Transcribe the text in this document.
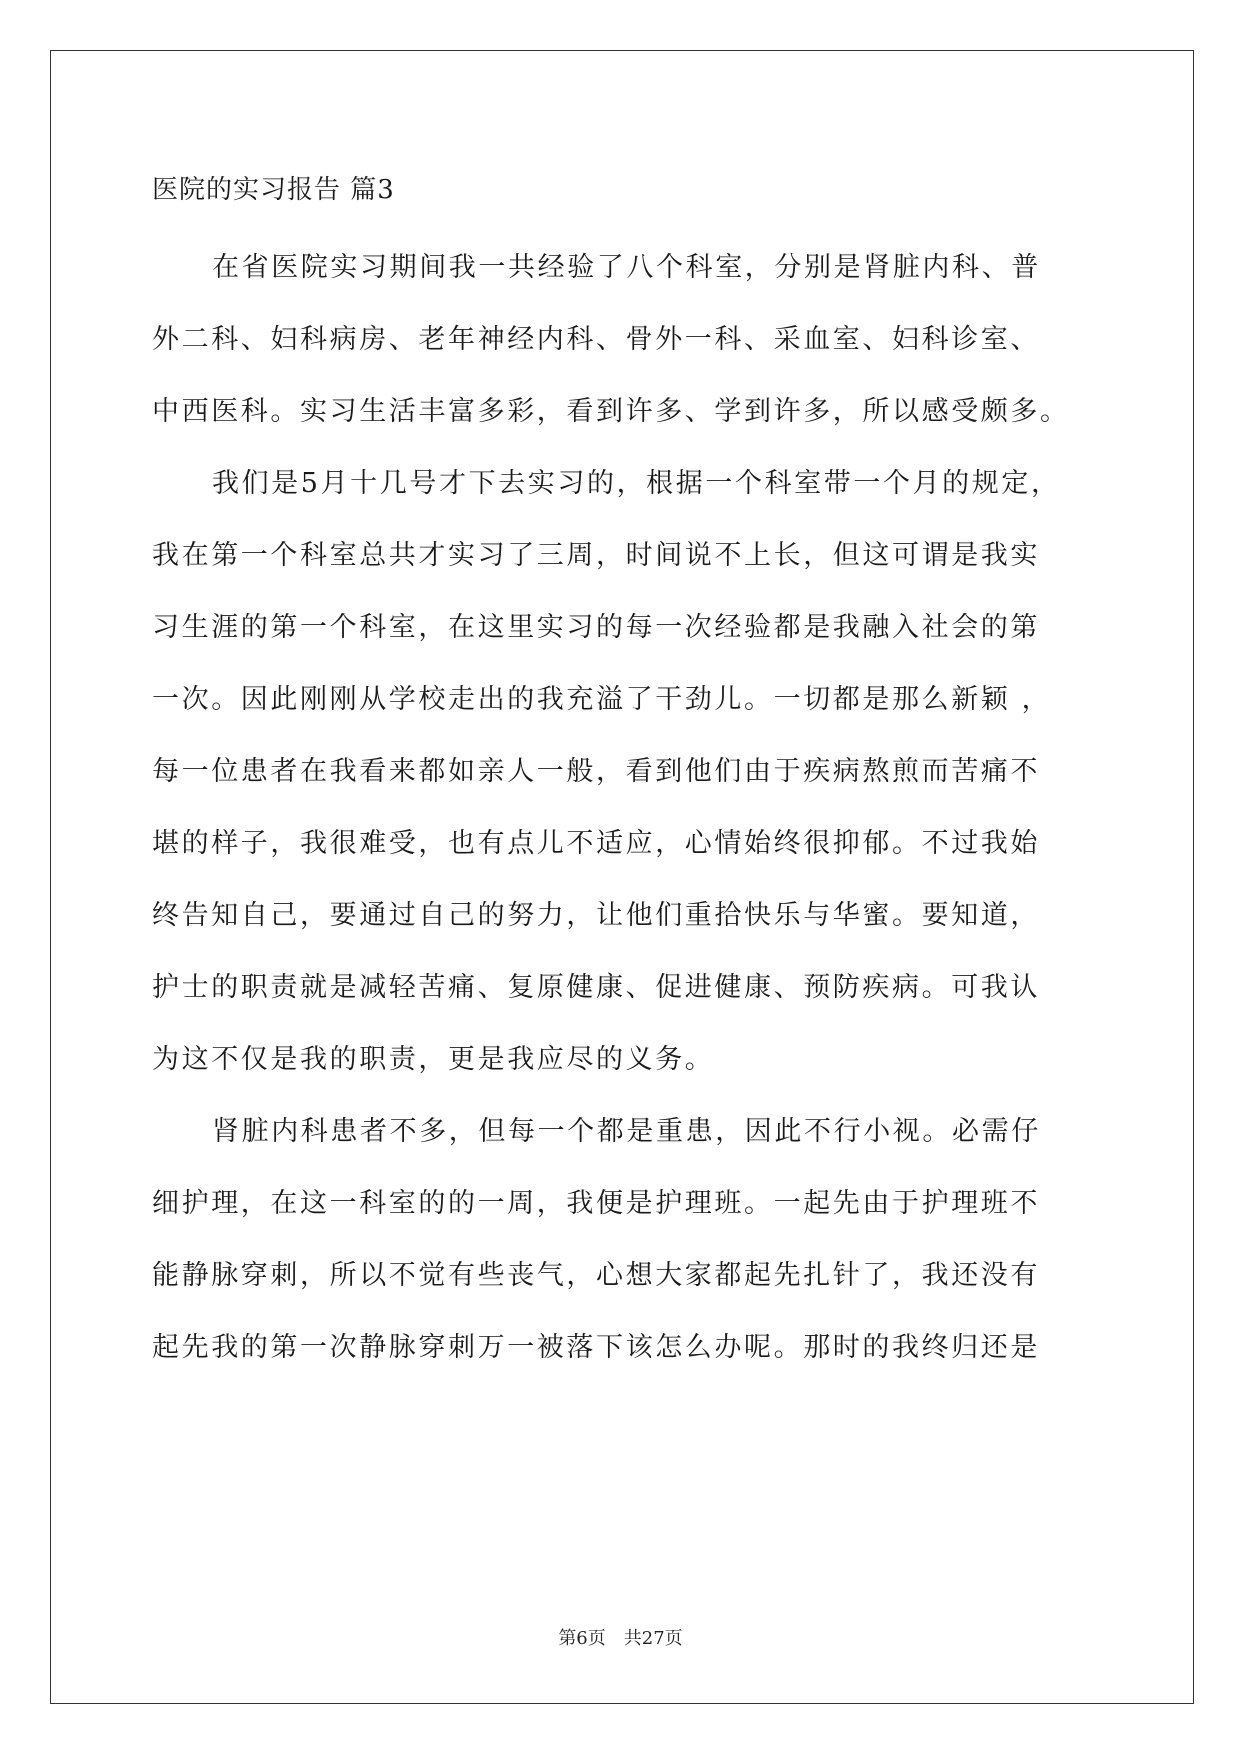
医院的实习报告 篇3
在省医院实习期间我一共经验了八个科室，分别是肾脏内科、普
外二科、妇科病房、老年神经内科、骨外一科、采血室、妇科诊室、
中西医科。实习生活丰富多彩，看到许多、学到许多，所以感受颇多。
我们是5月十几号才下去实习的，根据一个科室带一个月的规定，
我在第一个科室总共才实习了三周，时间说不上长，但这可谓是我实
习生涯的第一个科室，在这里实习的每一次经验都是我融入社会的第
一次。因此刚刚从学校走出的我充溢了干劲儿。一切都是那么新颖 ，
每一位患者在我看来都如亲人一般，看到他们由于疾病熬煎而苦痛不
堪的样子，我很难受，也有点儿不适应，心情始终很抑郁。不过我始
终告知自己，要通过自己的努力，让他们重拾快乐与华蜜。要知道，
护士的职责就是减轻苦痛、复原健康、促进健康、预防疾病。可我认
为这不仅是我的职责，更是我应尽的义务。
肾脏内科患者不多，但每一个都是重患，因此不行小视。必需仔
细护理，在这一科室的的一周，我便是护理班。一起先由于护理班不
能静脉穿刺，所以不觉有些丧气，心想大家都起先扎针了，我还没有
起先我的第一次静脉穿刺万一被落下该怎么办呢。那时的我终归还是
第6页　共27页
